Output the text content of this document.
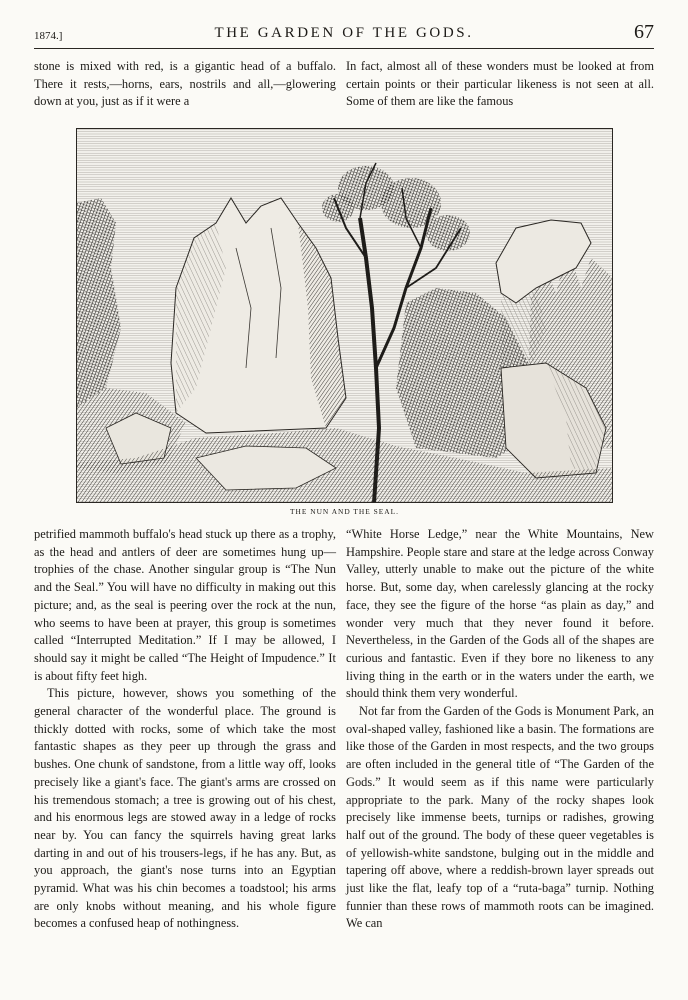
1874.]	THE GARDEN OF THE GODS.	67

stone is mixed with red, is a gigantic head of a buffalo. There it rests,—horns, ears, nostrils and all,—glowering down at you, just as if it were a

In fact, almost all of these wonders must be looked at from certain points or their particular likeness is not seen at all. Some of them are like the famous

THE NUN AND THE SEAL.

petrified mammoth buffalo's head stuck up there as a trophy, as the head and antlers of deer are sometimes hung up—trophies of the chase. Another singular group is “The Nun and the Seal.” You will have no difficulty in making out this picture; and, as the seal is peering over the rock at the nun, who seems to have been at prayer, this group is sometimes called “Interrupted Meditation.” If I may be allowed, I should say it might be called “The Height of Impudence.” It is about fifty feet high.

This picture, however, shows you something of the general character of the wonderful place. The ground is thickly dotted with rocks, some of which take the most fantastic shapes as they peer up through the grass and bushes. One chunk of sandstone, from a little way off, looks precisely like a giant's face. The giant's arms are crossed on his tremendous stomach; a tree is growing out of his chest, and his enormous legs are stowed away in a ledge of rocks near by. You can fancy the squirrels having great larks darting in and out of his trousers-legs, if he has any. But, as you approach, the giant's nose turns into an Egyptian pyramid. What was his chin becomes a toadstool; his arms are only knobs without meaning, and his whole figure becomes a confused heap of nothingness.

“White Horse Ledge,” near the White Mountains, New Hampshire. People stare and stare at the ledge across Conway Valley, utterly unable to make out the picture of the white horse. But, some day, when carelessly glancing at the rocky face, they see the figure of the horse “as plain as day,” and wonder very much that they never found it before. Nevertheless, in the Garden of the Gods all of the shapes are curious and fantastic. Even if they bore no likeness to any living thing in the earth or in the waters under the earth, we should think them very wonderful.

Not far from the Garden of the Gods is Monument Park, an oval-shaped valley, fashioned like a basin. The formations are like those of the Garden in most respects, and the two groups are often included in the general title of “The Garden of the Gods.” It would seem as if this name were particularly appropriate to the park. Many of the rocky shapes look precisely like immense beets, turnips or radishes, growing half out of the ground. The body of these queer vegetables is of yellowish-white sandstone, bulging out in the middle and tapering off above, where a reddish-brown layer spreads out just like the flat, leafy top of a “ruta-baga” turnip. Nothing funnier than these rows of mammoth roots can be imagined. We can
